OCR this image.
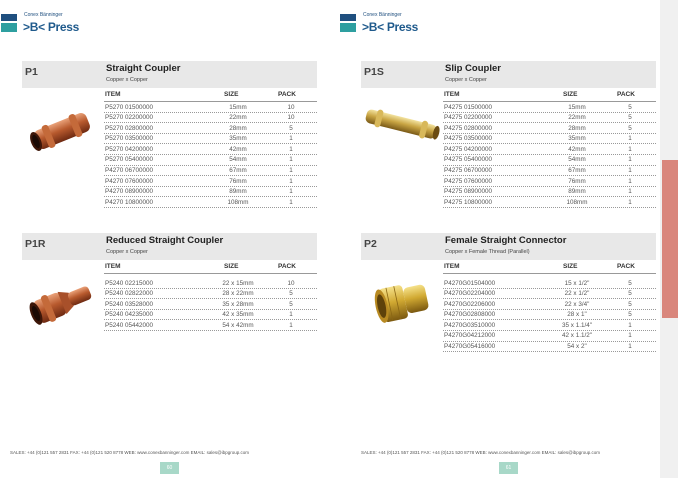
Conex Bänninger
>B< Press
P1	Straight Coupler
Copper x Copper
ITEM	SIZE	PACK
P5270 01500000	15mm	10
P5270 02200000	22mm	10
P5270 02800000	28mm	5
P5270 03500000	35mm	1
P5270 04200000	42mm	1
P5270 05400000	54mm	1
P4270 06700000	67mm	1
P4270 07600000	76mm	1
P4270 08900000	89mm	1
P4270 10800000	108mm	1
P1R	Reduced Straight Coupler
Copper x Copper
ITEM	SIZE	PACK
P5240 02215000	22 x 15mm	10
P5240 02822000	28 x 22mm	5
P5240 03528000	35 x 28mm	5
P5240 04235000	42 x 35mm	1
P5240 05442000	54 x 42mm	1
SALES: +44 (0)121 557 2831 FAX: +44 (0)121 520 8778 WEB: www.conexbanninger.com EMAIL: sales@ibpgroup.com
60
Conex Bänninger
>B< Press
P1S	Slip Coupler
Copper x Copper
ITEM	SIZE	PACK
P4275 01500000	15mm	5
P4275 02200000	22mm	5
P4275 02800000	28mm	5
P4275 03500000	35mm	1
P4275 04200000	42mm	1
P4275 05400000	54mm	1
P4275 06700000	67mm	1
P4275 07600000	76mm	1
P4275 08900000	89mm	1
P4275 10800000	108mm	1
P2	Female Straight Connector
Copper x Female Thread (Parallel)
ITEM	SIZE	PACK
P4270G01504000	15 x 1/2"	5
P4270G02204000	22 x 1/2"	5
P4270G02206000	22 x 3/4"	5
P4270G02808000	28 x 1"	5
P4270G03510000	35 x 1.1/4"	1
P4270G04212000	42 x 1.1/2"	1
P4270G05416000	54 x 2"	1
SALES: +44 (0)121 557 2831 FAX: +44 (0)121 520 8778 WEB: www.conexbanninger.com EMAIL: sales@ibpgroup.com
61
